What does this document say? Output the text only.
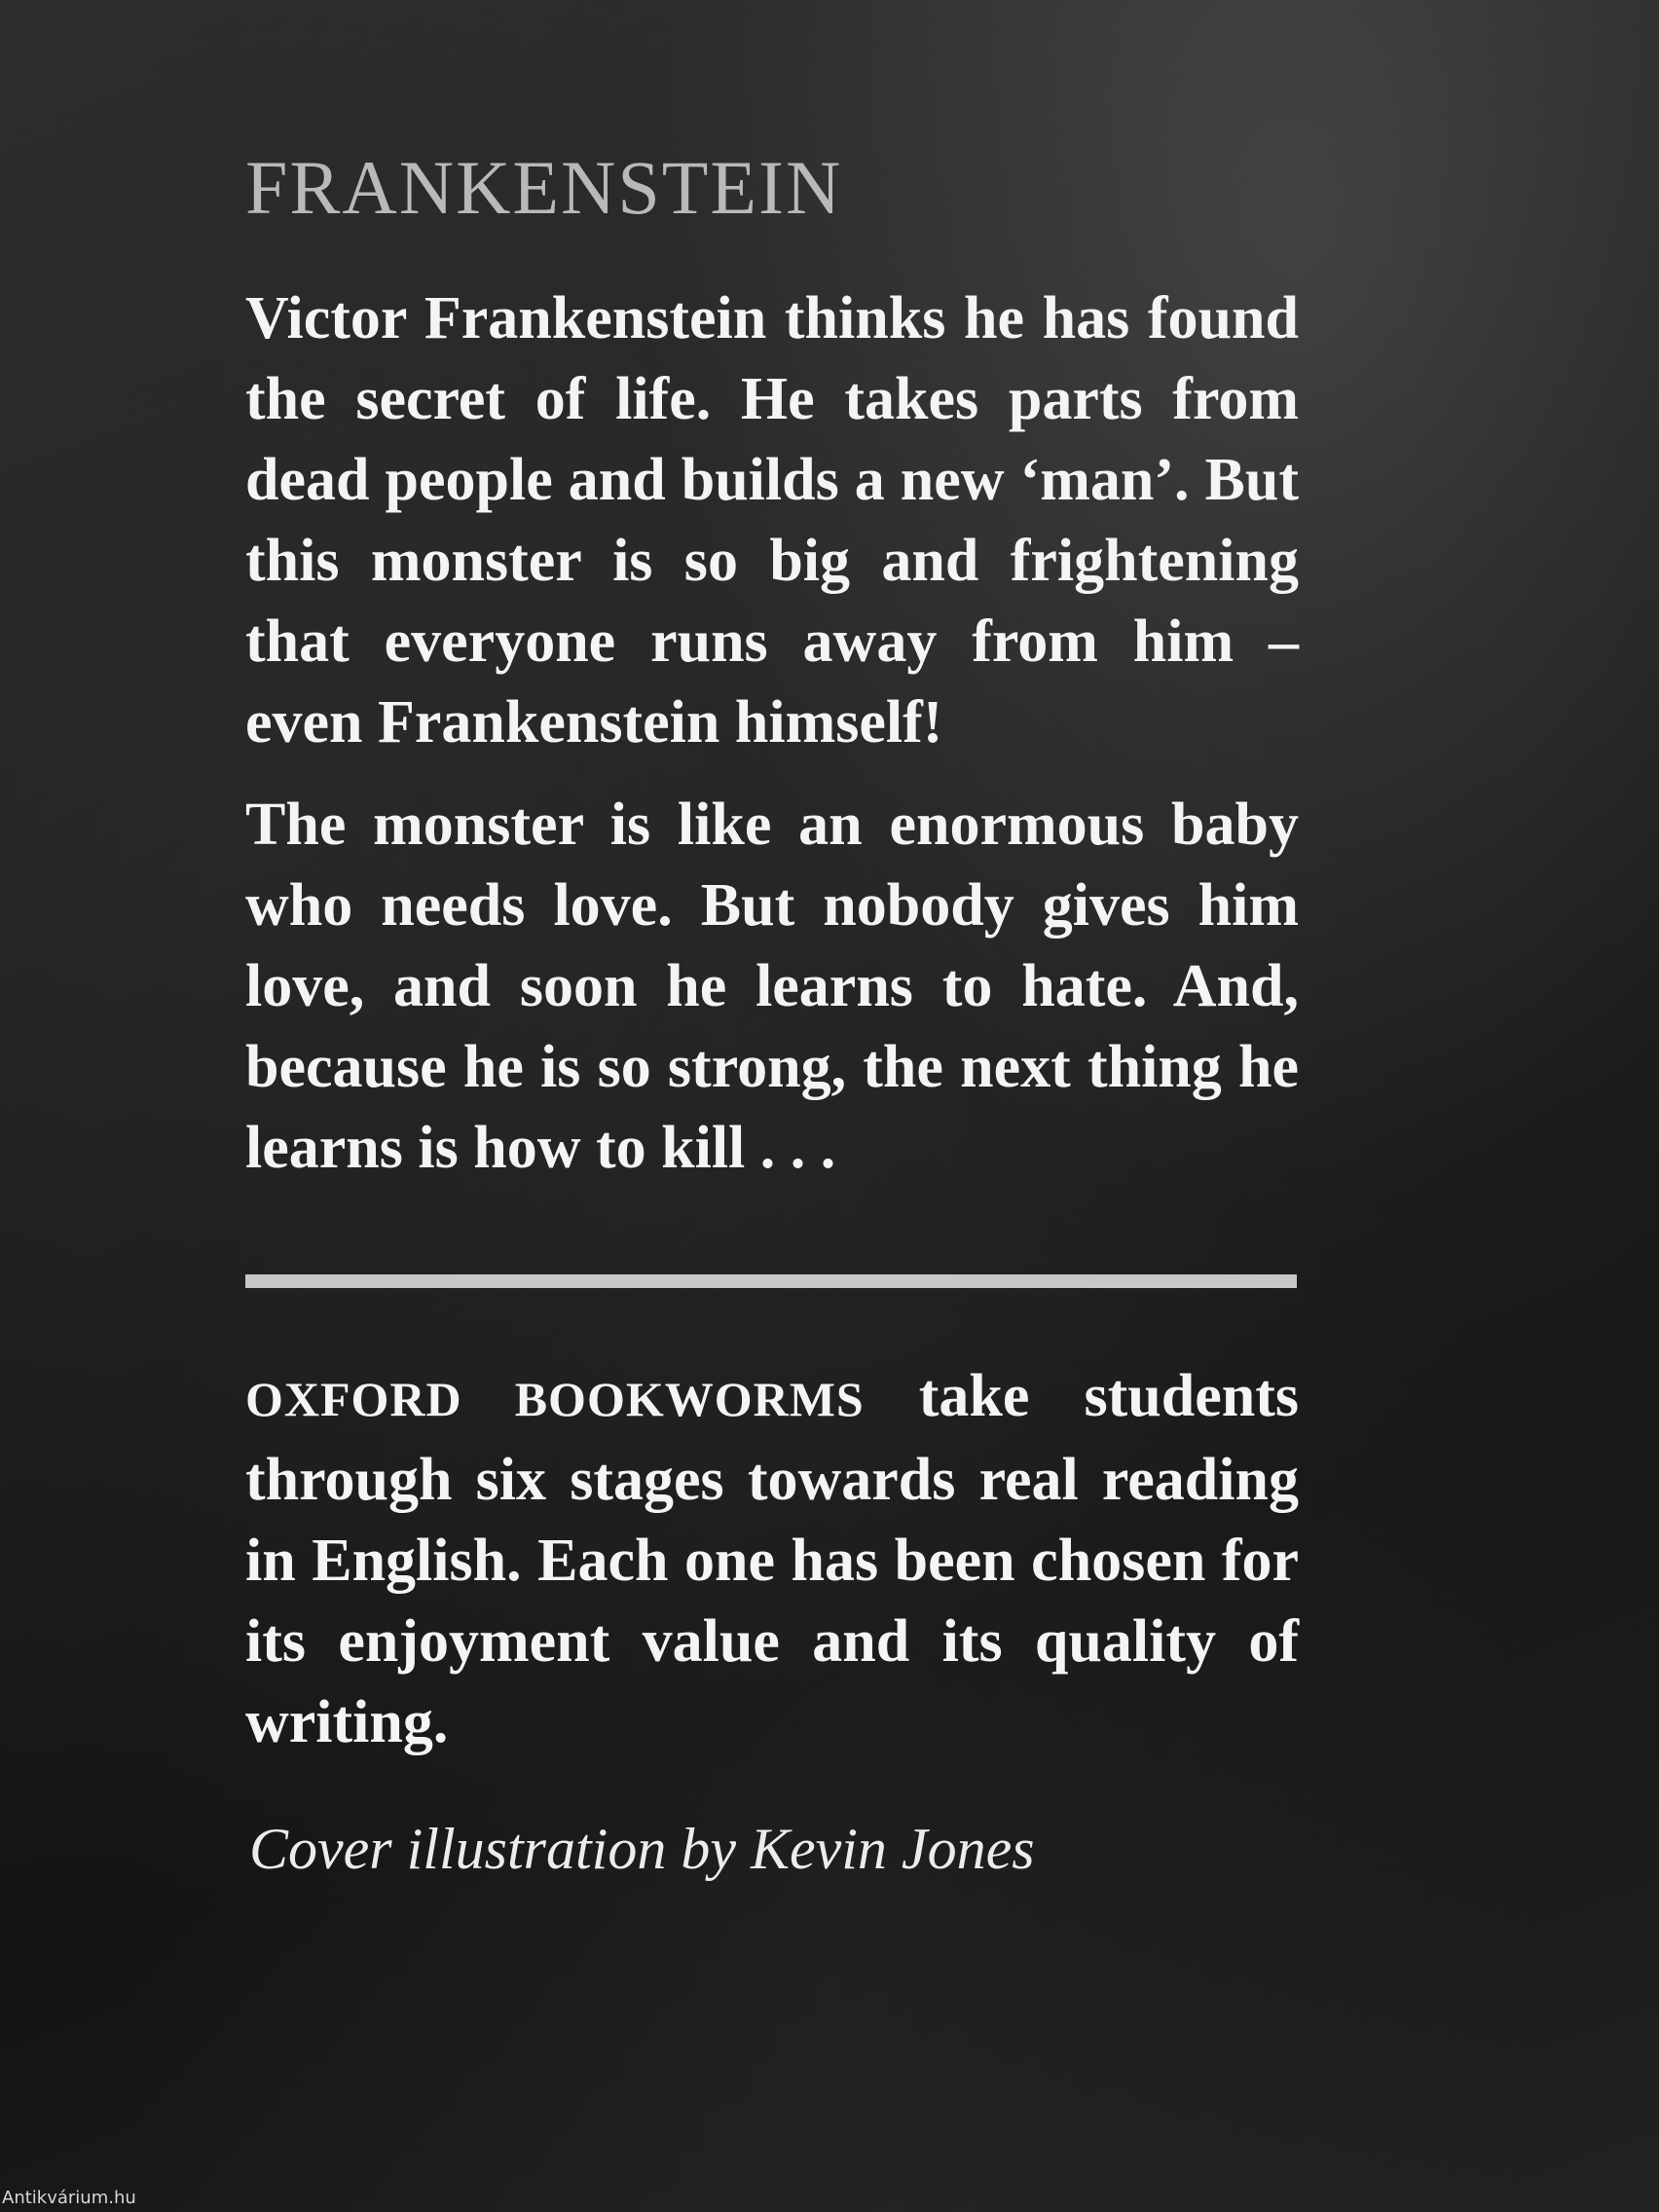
FRANKENSTEIN

Victor Frankenstein thinks he has found the secret of life. He takes parts from dead people and builds a new ‘man’. But this monster is so big and frightening that everyone runs away from him – even Frankenstein himself!

The monster is like an enormous baby who needs love. But nobody gives him love, and soon he learns to hate. And, because he is so strong, the next thing he learns is how to kill . . .

OXFORD BOOKWORMS take students through six stages towards real reading in English. Each one has been chosen for its enjoyment value and its quality of writing.

Cover illustration by Kevin Jones

Antikvárium.hu
